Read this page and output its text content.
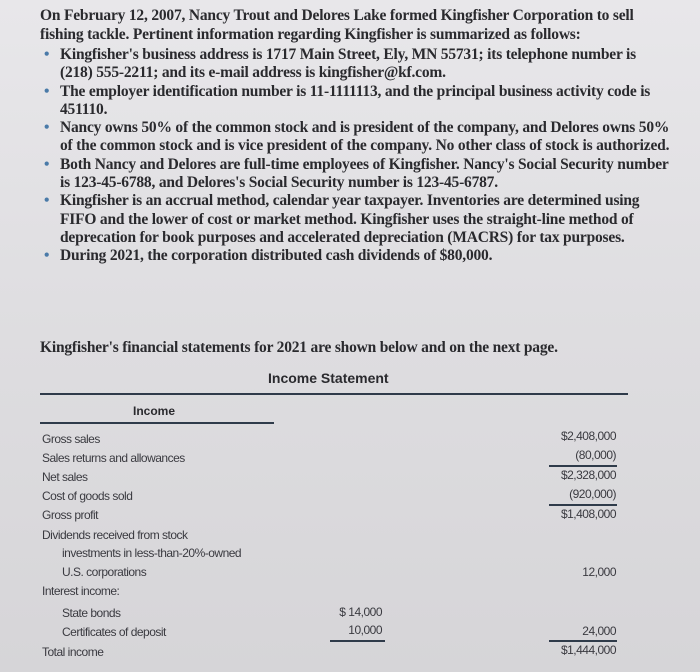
On February 12, 2007, Nancy Trout and Delores Lake formed Kingfisher Corporation to sell fishing tackle. Pertinent information regarding Kingfisher is summarized as follows:
• Kingfisher's business address is 1717 Main Street, Ely, MN 55731; its telephone number is (218) 555-2211; and its e-mail address is kingfisher@kf.com.
• The employer identification number is 11-1111113, and the principal business activity code is 451110.
• Nancy owns 50% of the common stock and is president of the company, and Delores owns 50% of the common stock and is vice president of the company. No other class of stock is authorized.
• Both Nancy and Delores are full-time employees of Kingfisher. Nancy's Social Security number is 123-45-6788, and Delores's Social Security number is 123-45-6787.
• Kingfisher is an accrual method, calendar year taxpayer. Inventories are determined using FIFO and the lower of cost or market method. Kingfisher uses the straight-line method of deprecation for book purposes and accelerated depreciation (MACRS) for tax purposes.
• During 2021, the corporation distributed cash dividends of $80,000.
Kingfisher's financial statements for 2021 are shown below and on the next page.
Income Statement
Income
Gross sales
Sales returns and allowances
Net sales
Cost of goods sold
Gross profit
Dividends received from stock
investments in less-than-20%-owned
U.S. corporations
Interest income:
State bonds
Certificates of deposit
Total income
$2,408,000
(80,000)
$2,328,000
(920,000)
$1,408,000
12,000
24,000
$1,444,000
$ 14,000
10,000
